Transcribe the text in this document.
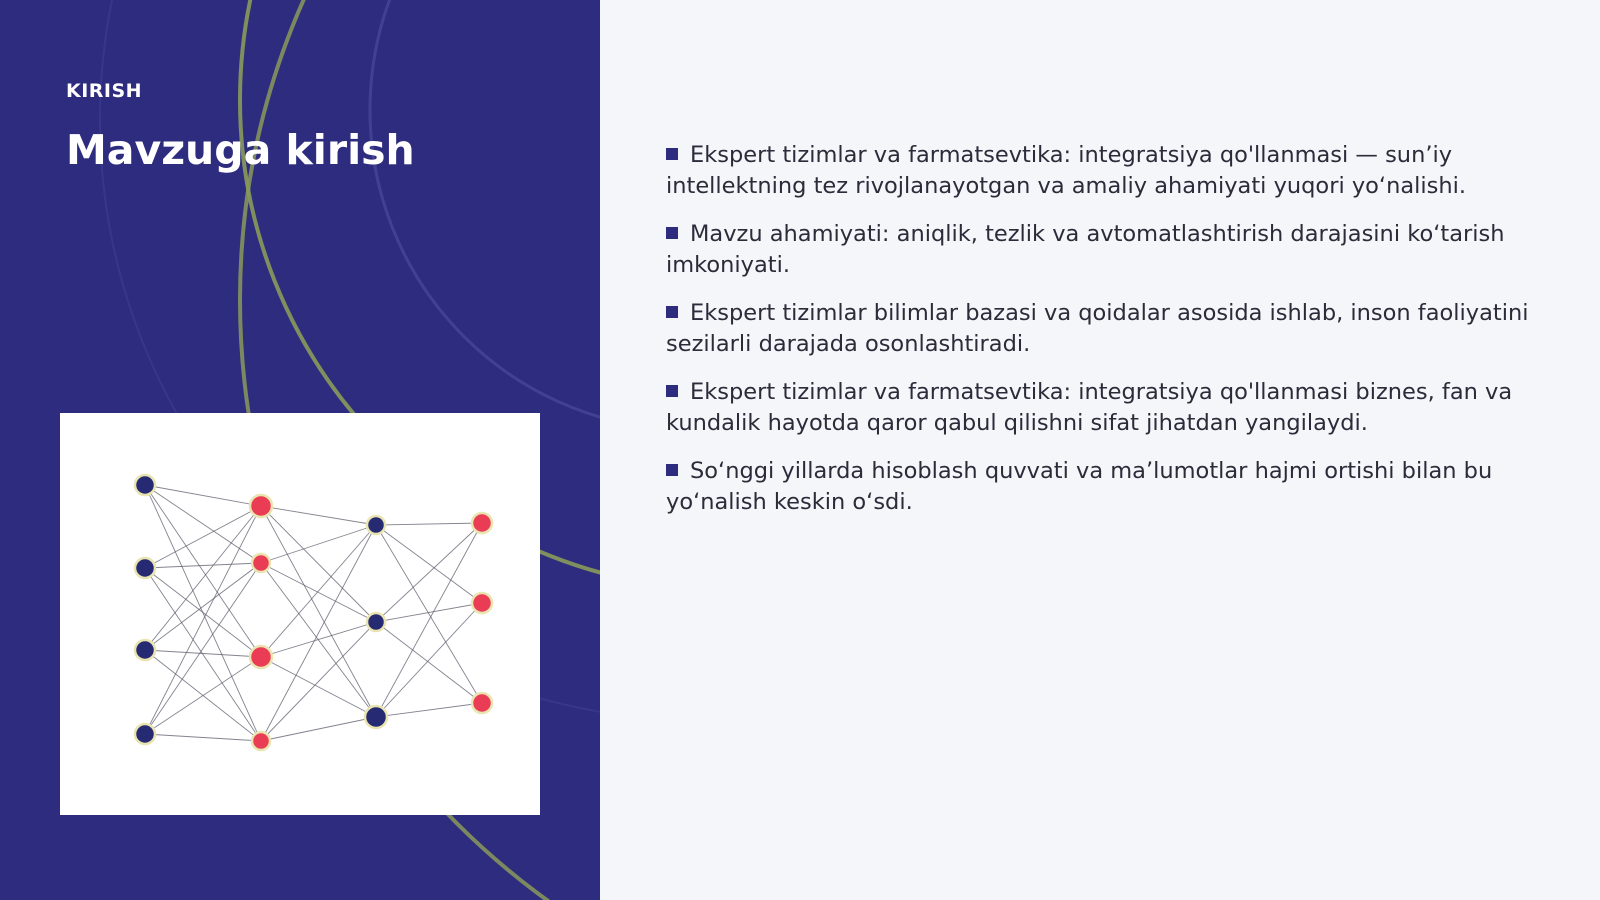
KIRISH
Mavzuga kirish	Ekspert tizimlar va farmatsevtika: integratsiya qo'llanmasi — sun’iy intellektning tez rivojlanayotgan va amaliy ahamiyati yuqori yo‘nalishi.
Mavzu ahamiyati: aniqlik, tezlik va avtomatlashtirish darajasini ko‘tarish imkoniyati.
Ekspert tizimlar bilimlar bazasi va qoidalar asosida ishlab, inson faoliyatini sezilarli darajada osonlashtiradi.
Ekspert tizimlar va farmatsevtika: integratsiya qo'llanmasi biznes, fan va kundalik hayotda qaror qabul qilishni sifat jihatdan yangilaydi.
So‘nggi yillarda hisoblash quvvati va ma’lumotlar hajmi ortishi bilan bu yo‘nalish keskin o‘sdi.
